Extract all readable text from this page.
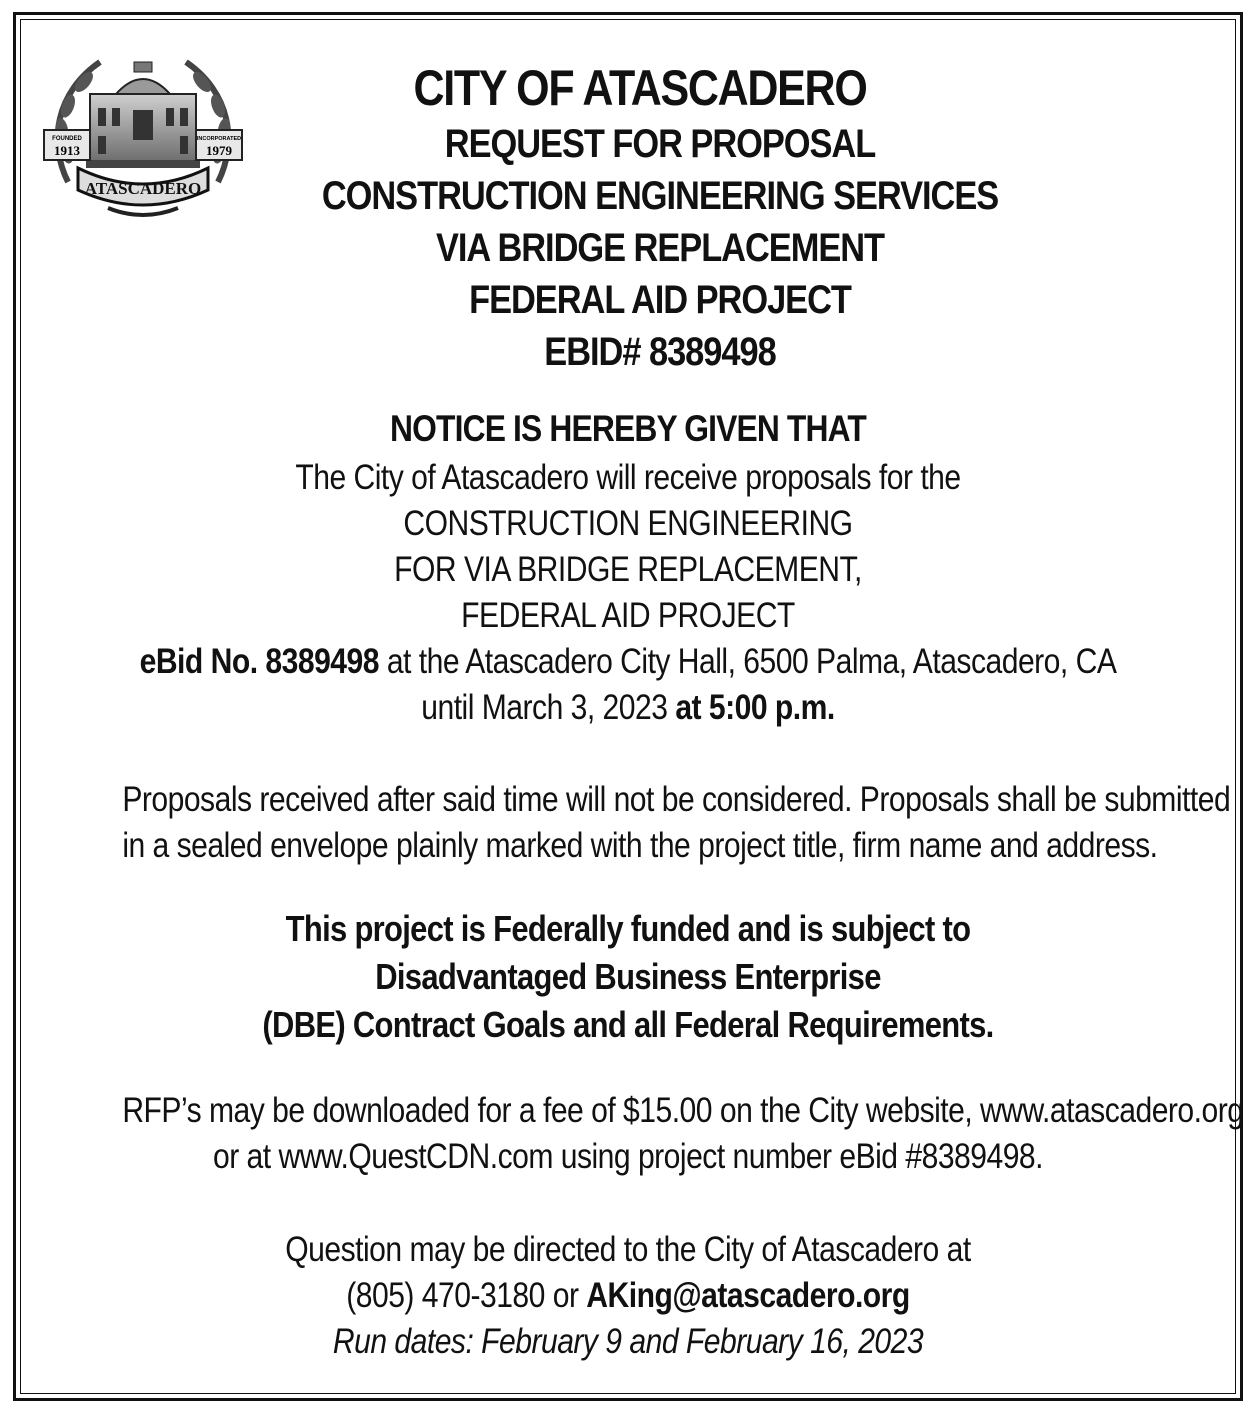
FOUNDED
1913
INCORPORATED
1979
ATASCADERO
CITY OF ATASCADERO
REQUEST FOR PROPOSAL
CONSTRUCTION ENGINEERING SERVICES
VIA BRIDGE REPLACEMENT
FEDERAL AID PROJECT
EBID# 8389498
NOTICE IS HEREBY GIVEN THAT
The City of Atascadero will receive proposals for the
CONSTRUCTION ENGINEERING
FOR VIA BRIDGE REPLACEMENT,
FEDERAL AID PROJECT
eBid No. 8389498 at the Atascadero City Hall, 6500 Palma, Atascadero, CA
until March 3, 2023 at 5:00 p.m.
Proposals received after said time will not be considered. Proposals shall be submitted
in a sealed envelope plainly marked with the project title, firm name and address.
This project is Federally funded and is subject to
Disadvantaged Business Enterprise
(DBE) Contract Goals and all Federal Requirements.
RFP’s may be downloaded for a fee of $15.00 on the City website, www.atascadero.org
or at www.QuestCDN.com using project number eBid #8389498.
Question may be directed to the City of Atascadero at
(805) 470-3180 or AKing@atascadero.org
Run dates: February 9 and February 16, 2023
